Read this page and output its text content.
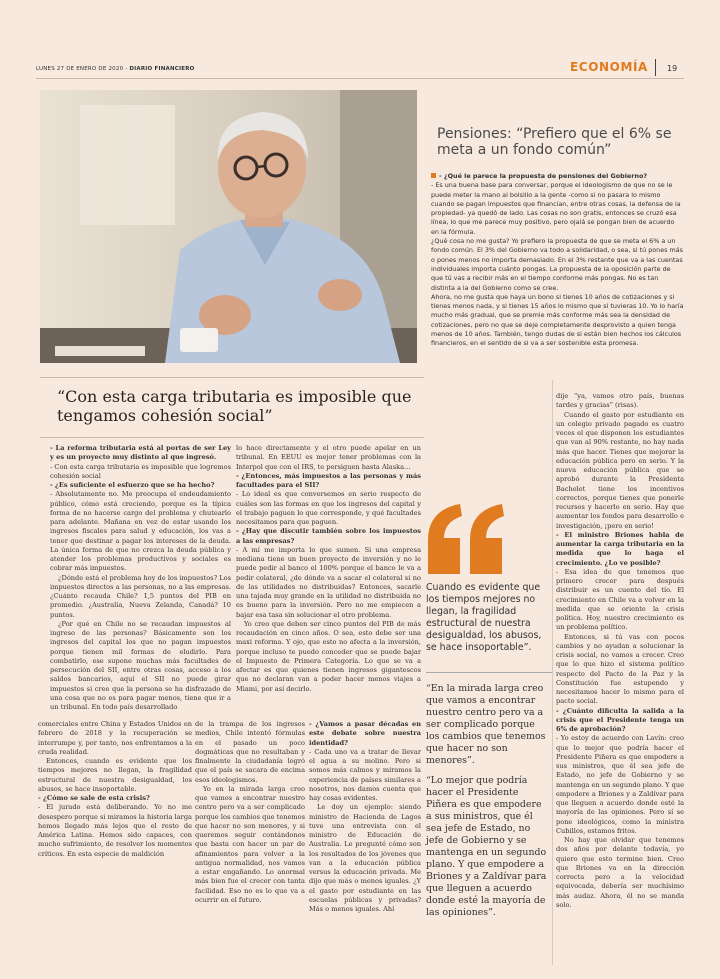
LUNES 27 DE ENERO DE 2020 - DIARIO FINANCIERO	ECONOMÍA 19
Pensiones: “Prefiero que el 6% se meta a un fondo común”

- ¿Qué le parece la propuesta de pensiones del Gobierno?

- Es una buena base para conversar, porque el ideologismo de que no se le puede meter la mano al bolsillo a la gente -como si no pasara lo mismo cuando se pagan impuestos que financian, entre otras cosas, la defensa de la propiedad- ya quedó de lado. Las cosas no son gratis, entonces se cruzó esa línea, lo que me parece muy positivo, pero ojalá se pongan bien de acuerdo en la fórmula.

¿Qué cosa no me gusta? Yo prefiero la propuesta de que se meta el 6% a un fondo común. El 3% del Gobierno va todo a solidaridad, o sea, si tú pones más o pones menos no importa demasiado. En el 3% restante que va a las cuentas individuales importa cuánto pongas. La propuesta de la oposición parte de que tú vas a recibir más en el tiempo conforme más pongas. No es tan distinta a la del Gobierno como se cree.

Ahora, no me gusta que haya un bono si tienes 10 años de cotizaciones y si tienes menos nada, y si tienes 15 años lo mismo que si tuvieras 10. Yo lo haría mucho más gradual, que se premie más conforme más sea la densidad de cotizaciones, pero no que se deje completamente desprovisto a quien tenga menos de 10 años. También, tengo dudas de si están bien hechos los cálculos financieros, en el sentido de si va a ser sostenible esta promesa.

“Con esta carga tributaria es imposible que tengamos cohesión social”

- La reforma tributaria está al portas de ser Ley y es un proyecto muy distinto al que ingresó.

- Con esta carga tributaria es imposible que logremos cohesión social

- ¿Es suficiente el esfuerzo que se ha hecho?

- Absolutamente no. Me preocupa el endeudamiento público, cómo está creciendo, porque es la típica forma de no hacerse cargo del problema y chutearlo para adelante. Mañana en vez de estar usando los ingresos fiscales para salud y educación, los vas a tener que destinar a pagar los intereses de la deuda. La única forma de que no crezca la deuda pública y atender los problemas productivos y sociales es cobrar más impuestos.

¿Dónde está el problema hoy de los impuestos? Los impuestos directos a las personas, no a las empresas. ¿Cuánto recauda Chile? 1,5 puntos del PIB en promedio. ¿Australia, Nueva Zelanda, Canadá? 10 puntos.

¿Por qué en Chile no se recaudan impuestos al ingreso de las personas? Básicamente son los ingresos del capital los que no pagan impuestos porque tienen mil formas de eludirlo. Para combatirlo, ese supone muchas más facultades de persecución del SII, entre otras cosas, acceso a los saldos bancarios, aquí el SII no puede girar impuestos si cree que la persona se ha disfrazado de una cosa que no es para pagar menos, tiene que ir a un tribunal. En todo país desarrollado

lo hace directamente y el otro puede apelar en un tribunal. En EEUU es mejor tener problemas con la Interpol que con el IRS, te persiguen hasta Alaska…

- ¿Entonces, más impuestos a las personas y más facultades para el SII?

- Lo ideal es que conversemos en serio respecto de cuáles son las formas en que los ingresos del capital y el trabajo paguen lo que corresponde, y qué facultades necesitamos para que paguen.

- ¿Hay que discutir también sobre los impuestos a las empresas?

- A mí me importa lo que sumen. Si una empresa mediana tiene un buen proyecto de inversión y no le puede pedir al banco el 100% porque el banco le va a pedir colateral, ¿de dónde va a sacar el colateral si no de las utilidades no distribuidas? Entonces, sacarle una tajada muy grande en la utilidad no distribuida no es bueno para la inversión. Pero no me empiecen a bajar esa tasa sin solucionar el otro problema.

Yo creo que deben ser cinco puntos del PIB de más recaudación en cinco años. O sea, esto debe ser una maxi reforma. Y ojo, que esto no afecta a la inversión, porque incluso te puedo conceder que se puede bajar el Impuesto de Primera Categoría. Lo que se va a afectar es que quienes tienen ingresos gigantescos que no declaran van a poder hacer menos viajes a Miami, por así decirlo.

comerciales entre China y Estados Unidos en febrero de 2018 y la recuperación se interrumpe y, por tanto, nos enfrentamos a la cruda realidad.

Entonces, cuando es evidente que los tiempos mejores no llegan, la fragilidad estructural de nuestra desigualdad, los abusos, se hace insoportable.

- ¿Cómo se sale de esta crisis?

- El jurado está deliberando. Yo no me desespero porque si miramos la historia larga hemos llegado más lejos que el resto de América Latina. Hemos sido capaces, con mucho sufrimiento, de resolver los momentos críticos. En esta especie de maldición

de la trampa de los ingresos medios, Chile intentó fórmulas en el pasado un poco dogmáticas que no resultaban y finalmente la ciudadanía logró que el país se sacara de encima esos ideologismos.

Yo en la mirada larga creo que vamos a encontrar nuestro centro pero va a ser complicado porque los cambios que tenemos que hacer no son menores, y si queremos seguir contándonos que basta con hacer un par de afinamientos para volver a la antigua normalidad, nos vamos a estar engañando. Lo anormal más bien fue el crecer con tanta facilidad. Eso no es lo que va a ocurrir en el futuro.

- ¿Vamos a pasar décadas en este debate sobre nuestra identidad?

- Cada uno va a tratar de llevar el agua a su molino. Pero si somos más calmos y miramos la experiencia de países similares a nosotros, nos damos cuenta que hay cosas evidentes.

Le doy un ejemplo: siendo ministro de Hacienda de Lagos tuve una entrevista con el ministro de Educación de Australia. Le pregunté cómo son los resultados de los jóvenes que van a la educación pública versus la educación privada. Me dijo que más o menos iguales. ¿Y el gasto por estudiante en las escuelas públicas y privadas? Más o menos iguales. Ahí

dije “ya, vamos otro país, buenas tardes y gracias” (risas).

Cuando el gasto por estudiante en un colegio privado pagado es cuatro veces el que disponen los estudiantes que van al 90% restante, no hay nada más que hacer. Tienes que mejorar la educación pública pero en serio. Y la nueva educación pública que se aprobó durante la Presidenta Bachelet tiene los incentivos correctos, porque tienes que ponerle recursos y hacerlo en serio. Hay que aumentar los fondos para desarrollo e investigación, ¡pero en serio!

- El ministro Briones habla de aumentar la carga tributaria en la medida que lo haga el crecimiento. ¿Lo ve posible?

- Esa idea de que tenemos que primero crecer para después distribuir es un cuento del tío. El crecimiento en Chile va a volver en la medida que se oriente la crisis política. Hoy, nuestro crecimiento es un problema político.

Entonces, si tú vas con pocos cambios y no ayudan a solucionar la crisis social, no vamos a crecer. Creo que lo que hizo el sistema político respecto del Pacto de la Paz y la Constitución fue estupendo y necesitamos hacer lo mismo para el pacto social.

- ¿Cuánto dificulta la salida a la crisis que el Presidente tenga un 6% de aprobación?

- Yo estoy de acuerdo con Lavín: creo que lo mejor que podría hacer el Presidente Piñera es que empodere a sus ministros, que él sea jefe de Estado, no jefe de Gobierno y se mantenga en un segundo plano. Y que empodere a Briones y a Zaldívar para que lleguen a acuerdo donde esté la mayoría de las opiniones. Pero sí se pone ideológicos, como la ministra Cubillos, estamos fritos.

No hay que olvidar que tenemos dos años por delante todavía, yo quiero que esto termine bien. Creo que Briones va en la dirección correcta pero a la velocidad equivocada, debería ser muchísimo más audaz. Ahora, él no se manda solo.

Cuando es evidente que los tiempos mejores no llegan, la fragilidad estructural de nuestra desigualdad, los abusos, se hace insoportable”.
“En la mirada larga creo que vamos a encontrar nuestro centro pero va a ser complicado porque los cambios que tenemos que hacer no son menores”.
“Lo mejor que podría hacer el Presidente Piñera es que empodere a sus ministros, que él sea jefe de Estado, no jefe de Gobierno y se mantenga en un segundo plano. Y que empodere a Briones y a Zaldívar para que lleguen a acuerdo donde esté la mayoría de las opiniones”.
